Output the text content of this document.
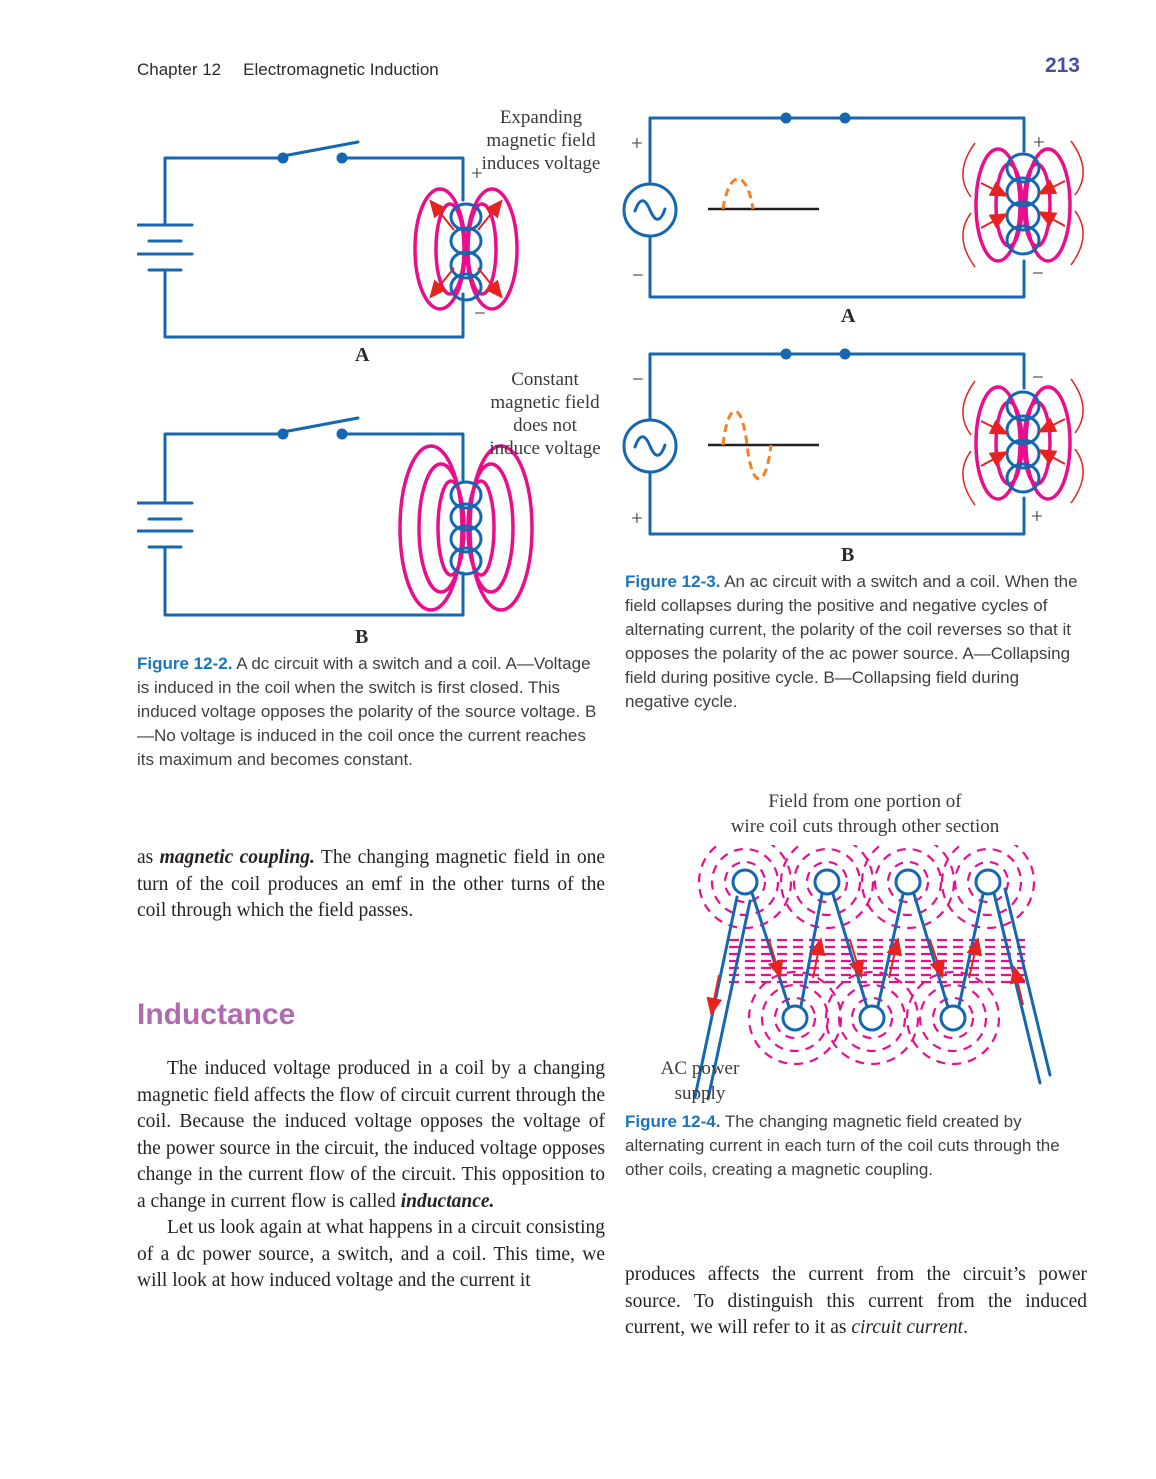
Chapter 12 Electromagnetic Induction	213
+
−
Expanding magnetic field induces voltage
A
Constant magnetic field does not induce voltage
B
Figure 12-2. A dc circuit with a switch and a coil. A—Voltage is induced in the coil when the switch is first closed. This induced voltage opposes the polarity of the source voltage. B—No voltage is induced in the coil once the current reaches its maximum and becomes constant.

as magnetic coupling. The changing magnetic field in one turn of the coil produces an emf in the other turns of the coil through which the field passes.

Inductance

The induced voltage produced in a coil by a changing magnetic field affects the flow of circuit current through the coil. Because the induced voltage opposes the voltage of the power source in the circuit, the induced voltage opposes change in the current flow of the circuit. This opposition to a change in current flow is called inductance.

Let us look again at what happens in a circuit consisting of a dc power source, a switch, and a coil. This time, we will look at how induced voltage and the current it

+	+
−	−
A
−	−
+	+
B
Figure 12-3. An ac circuit with a switch and a coil. When the field collapses during the positive and negative cycles of alternating current, the polarity of the coil reverses so that it opposes the polarity of the ac power source. A—Collapsing field during positive cycle. B—Collapsing field during negative cycle.
Field from one portion of
wire coil cuts through other section
AC power
supply
Figure 12-4. The changing magnetic field created by alternating current in each turn of the coil cuts through the other coils, creating a magnetic coupling.

produces affects the current from the circuit’s power source. To distinguish this current from the induced current, we will refer to it as circuit current.
